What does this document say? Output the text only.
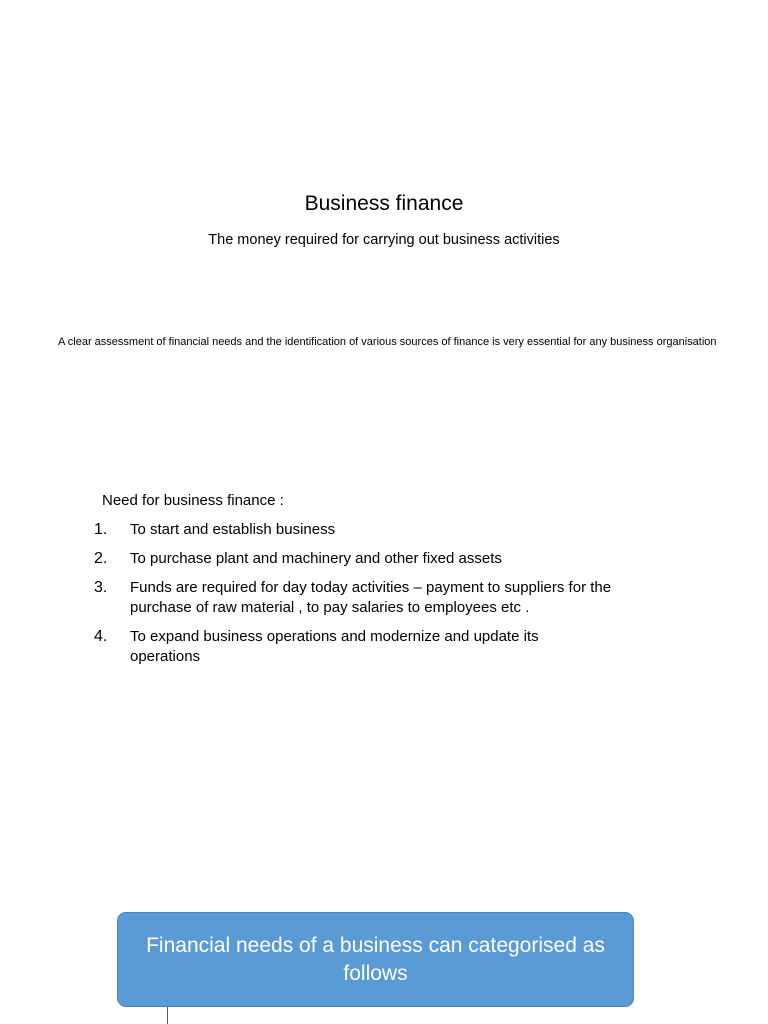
Business finance
The money required for carrying out business activities
A clear assessment of financial needs and the identification of various sources of finance is very essential for any business organisation
Need for business finance :
1. To start and establish business
2. To purchase plant and machinery and other fixed assets
3. Funds are required for day today activities – payment to suppliers for the purchase of raw material , to pay salaries to employees etc .
4. To expand business operations and modernize and update its operations
Financial needs of a business can categorised as follows
